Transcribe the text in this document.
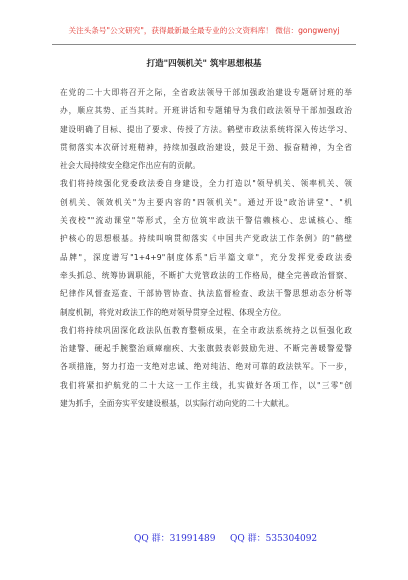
关注头条号"公文研究"，获得最新最全最专业的公文资料库！ 微信：gongwenyj
打造"四领机关" 筑牢思想根基
在党的二十大即将召开之际，全省政法领导干部加强政治建设专题研讨班的举
办，顺应其势、正当其时。开班讲话和专题辅导为我们政法领导干部加强政治
建设明确了目标、提出了要求、传授了方法。鹤壁市政法系统将深入传达学习、
贯彻落实本次研讨班精神，持续加强政治建设，鼓足干劲、振奋精神，为全省
社会大局持续安全稳定作出应有的贡献。
我们将持续强化党委政法委自身建设，全力打造以"领导机关、领率机关、领
创机关、领效机关"为主要内容的"四领机关"。通过开设"政治讲堂"、"机
关夜校""流动课堂"等形式，全方位筑牢政法干警信赖核心、忠诚核心、维
护核心的思想根基。持续叫响贯彻落实《中国共产党政法工作条例》的"鹤壁
品牌"，深度谱写"1+4+9"制度体系"后半篇文章"，充分发挥党委政法委
牵头抓总、统筹协调职能，不断扩大党管政法的工作格局，健全完善政治督察、
纪律作风督查巡查、干部协管协查、执法监督检查、政法干警思想动态分析等
制度机制，将党对政法工作的绝对领导贯穿全过程、体现全方位。
我们将持续巩固深化政法队伍教育整顿成果，在全市政法系统持之以恒强化政
治建警、硬起手腕整治顽瘴痼疾、大张旗鼓表彰鼓励先进、不断完善暖警爱警
各项措施，努力打造一支绝对忠诚、绝对纯洁、绝对可靠的政法铁军。下一步，
我们将紧扣护航党的二十大这一工作主线，扎实做好各项工作，以"三零"创
建为抓手，全面夯实平安建设根基，以实际行动向党的二十大献礼。
QQ 群：31991489 QQ 群：535304092
